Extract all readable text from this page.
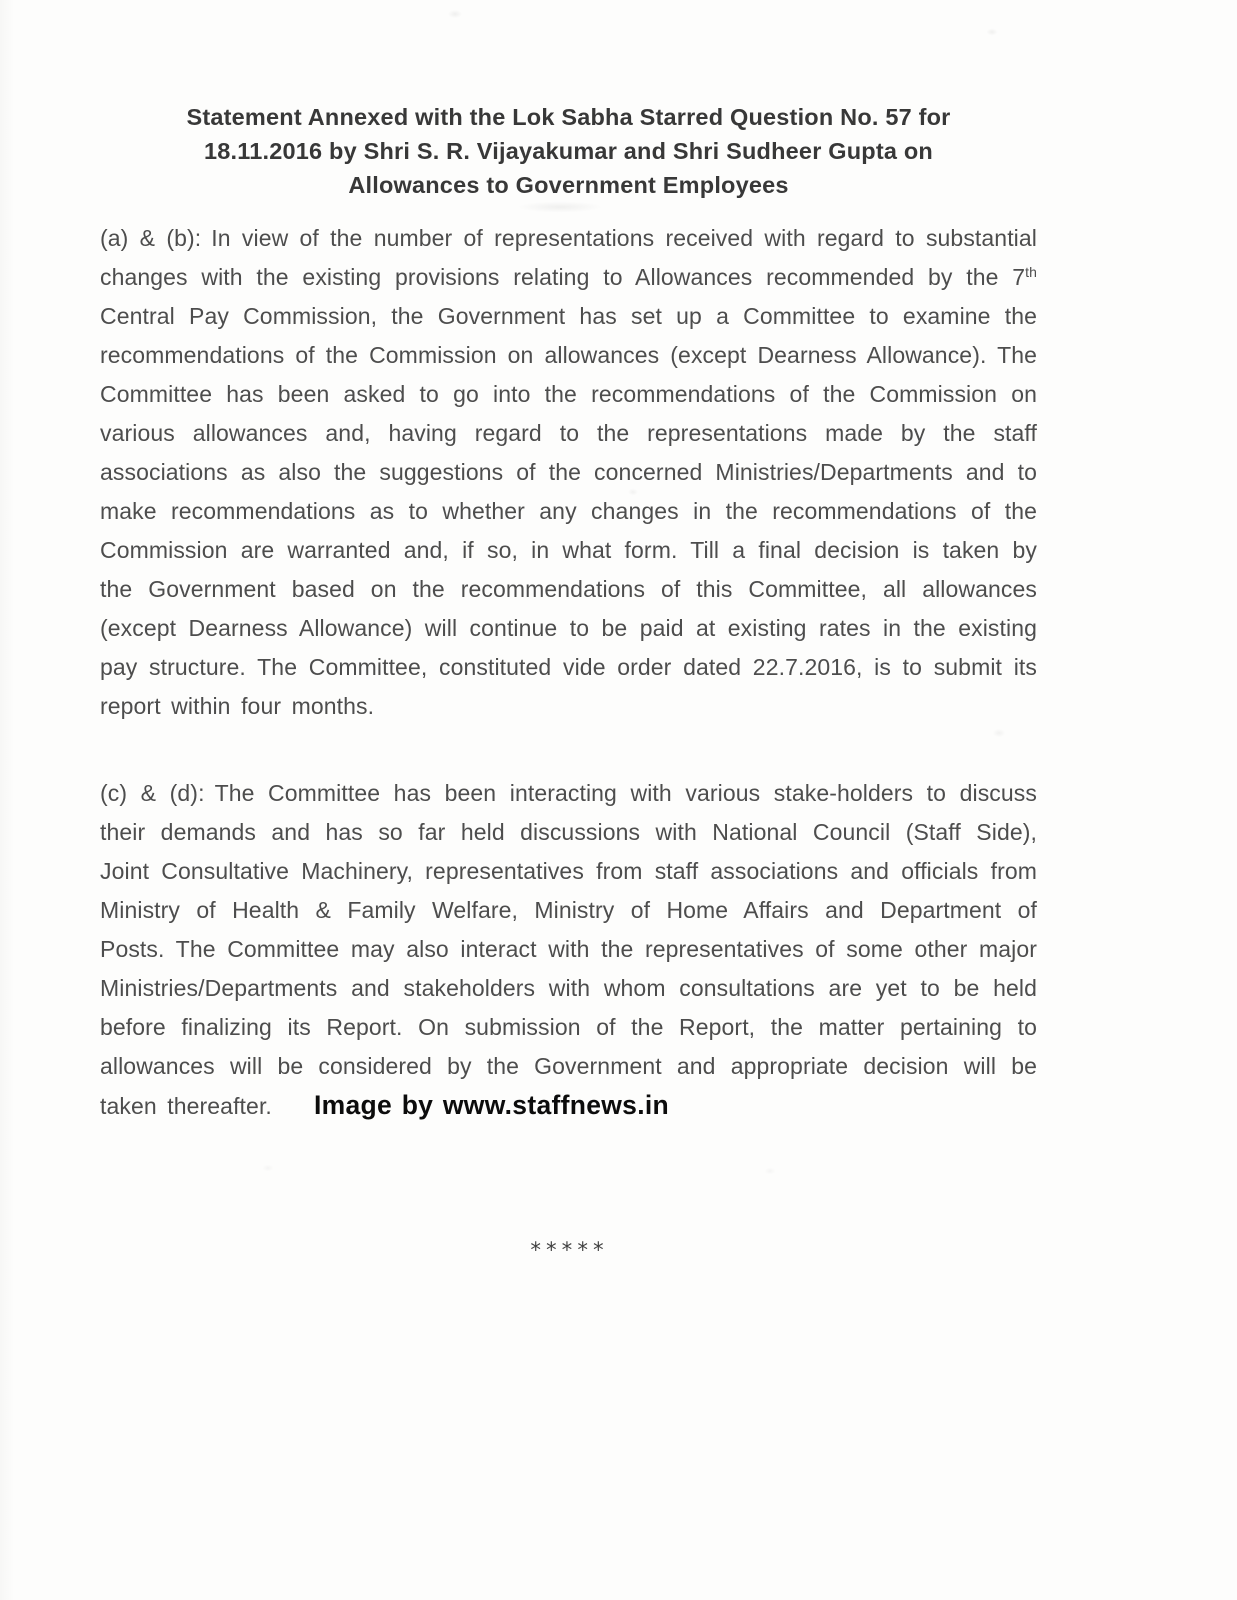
Statement Annexed with the Lok Sabha Starred Question No. 57 for
18.11.2016 by Shri S. R. Vijayakumar and Shri Sudheer Gupta on
Allowances to Government Employees

(a) & (b): In view of the number of representations received with regard to substantial changes with the existing provisions relating to Allowances recommended by the 7th Central Pay Commission, the Government has set up a Committee to examine the recommendations of the Commission on allowances (except Dearness Allowance). The Committee has been asked to go into the recommendations of the Commission on various allowances and, having regard to the representations made by the staff associations as also the suggestions of the concerned Ministries/Departments and to make recommendations as to whether any changes in the recommendations of the Commission are warranted and, if so, in what form. Till a final decision is taken by the Government based on the recommendations of this Committee, all allowances (except Dearness Allowance) will continue to be paid at existing rates in the existing pay structure. The Committee, constituted vide order dated 22.7.2016, is to submit its report within four months.

(c) & (d): The Committee has been interacting with various stake-holders to discuss their demands and has so far held discussions with National Council (Staff Side), Joint Consultative Machinery, representatives from staff associations and officials from Ministry of Health & Family Welfare, Ministry of Home Affairs and Department of Posts. The Committee may also interact with the representatives of some other major Ministries/Departments and stakeholders with whom consultations are yet to be held before finalizing its Report. On submission of the Report, the matter pertaining to allowances will be considered by the Government and appropriate decision will be taken thereafter. Image by www.staffnews.in

*****
